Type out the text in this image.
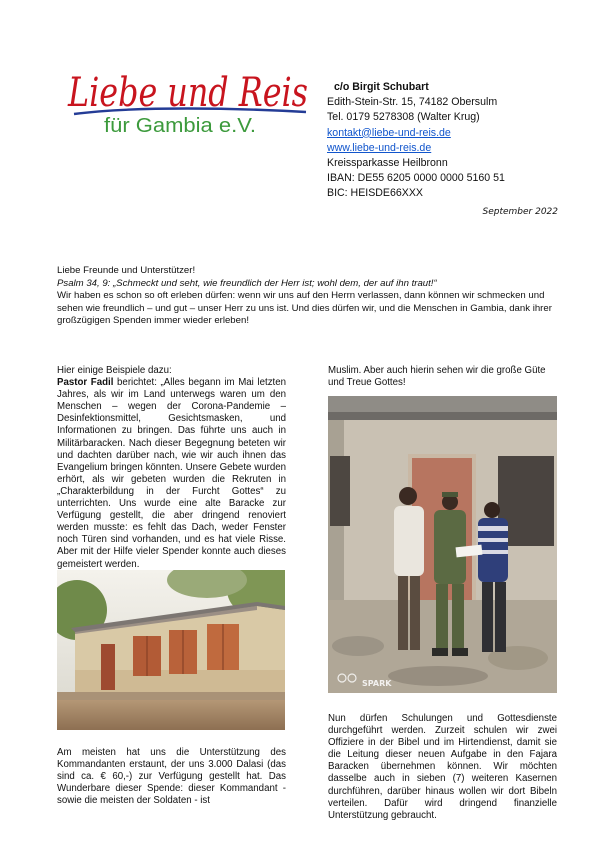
Liebe und Reis
für Gambia e.V.
c/o Birgit Schubart
Edith-Stein-Str. 15, 74182 Obersulm
Tel. 0179 5278308 (Walter Krug)
kontakt@liebe-und-reis.de
www.liebe-und-reis.de
Kreissparkasse Heilbronn
IBAN: DE55 6205 0000 0000 5160 51
BIC: HEISDE66XXX
September 2022
Liebe Freunde und Unterstützer!
Psalm 34, 9: „Schmeckt und seht, wie freundlich der Herr ist; wohl dem, der auf ihn traut!“
Wir haben es schon so oft erleben dürfen: wenn wir uns auf den Herrn verlassen, dann können wir schmecken und sehen wie freundlich – und gut – unser Herr zu uns ist. Und dies dürfen wir, und die Menschen in Gambia, dank ihrer großzügigen Spenden immer wieder erleben!
Hier einige Beispiele dazu:
Pastor Fadil berichtet: „Alles begann im Mai letzten Jahres, als wir im Land unterwegs waren um den Menschen – wegen der Corona-Pandemie – Desinfektionsmittel, Gesichtsmasken, und Informationen zu bringen. Das führte uns auch in Militärbaracken. Nach dieser Begegnung beteten wir und dachten darüber nach, wie wir auch ihnen das Evangelium bringen könnten. Unsere Gebete wurden erhört, als wir gebeten wurden die Rekruten in „Charakterbildung in der Furcht Gottes“ zu unterrichten. Uns wurde eine alte Baracke zur Verfügung gestellt, die aber dringend renoviert werden musste: es fehlt das Dach, weder Fenster noch Türen sind vorhanden, und es hat viele Risse. Aber mit der Hilfe vieler Spender konnte auch dieses gemeistert werden.
Am meisten hat uns die Unterstützung des Kommandanten erstaunt, der uns 3.000 Dalasi (das sind ca. € 60,-) zur Verfügung gestellt hat. Das Wunderbare dieser Spende: dieser Kommandant - sowie die meisten der Soldaten - ist
Muslim. Aber auch hierin sehen wir die große Güte und Treue Gottes!
SPARK
Nun dürfen Schulungen und Gottesdienste durchgeführt werden. Zurzeit schulen wir zwei Offiziere in der Bibel und im Hirtendienst, damit sie die Leitung dieser neuen Aufgabe in den Fajara Baracken übernehmen können. Wir möchten dasselbe auch in sieben (7) weiteren Kasernen durchführen, darüber hinaus wollen wir dort Bibeln verteilen. Dafür wird dringend finanzielle Unterstützung gebraucht.
